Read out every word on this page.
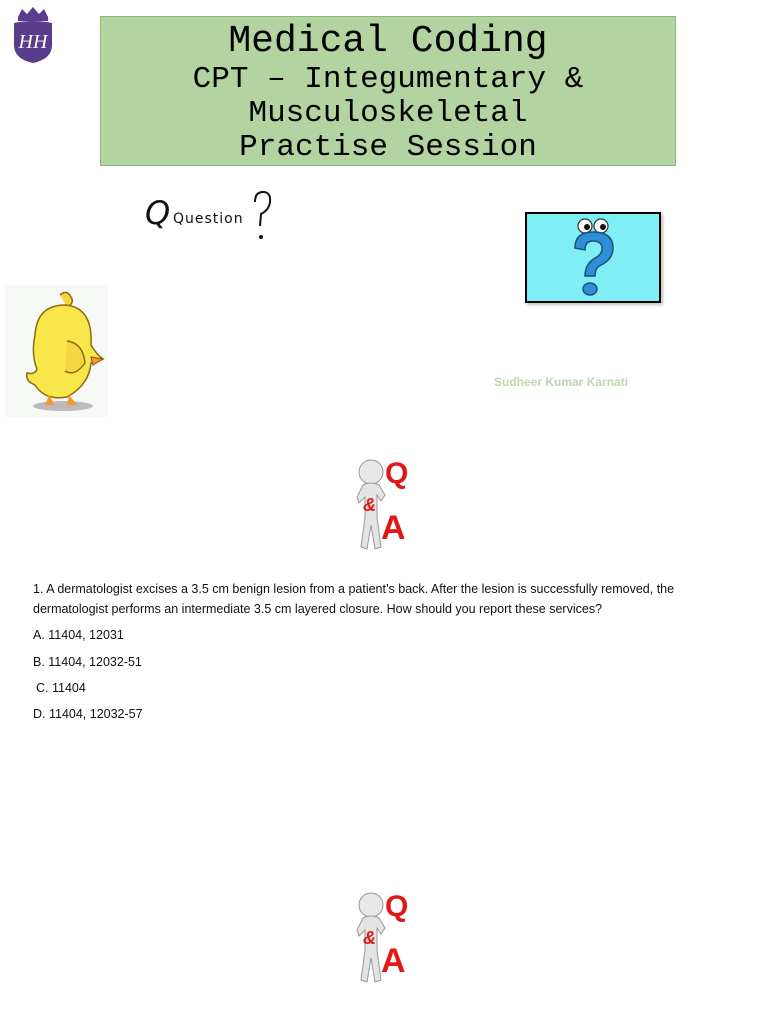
HH	Medical Coding
CPT – Integumentary &
Musculoskeletal
Practise Session
Q Question
Sudheer Kumar Karnati
Q
&
A
1. A dermatologist excises a 3.5 cm benign lesion from a patient’s back. After the lesion is successfully removed, the dermatologist performs an intermediate 3.5 cm layered closure. How should you report these services?
A. 11404, 12031
B. 11404, 12032-51
C. 11404
D. 11404, 12032-57
Q
&
A
